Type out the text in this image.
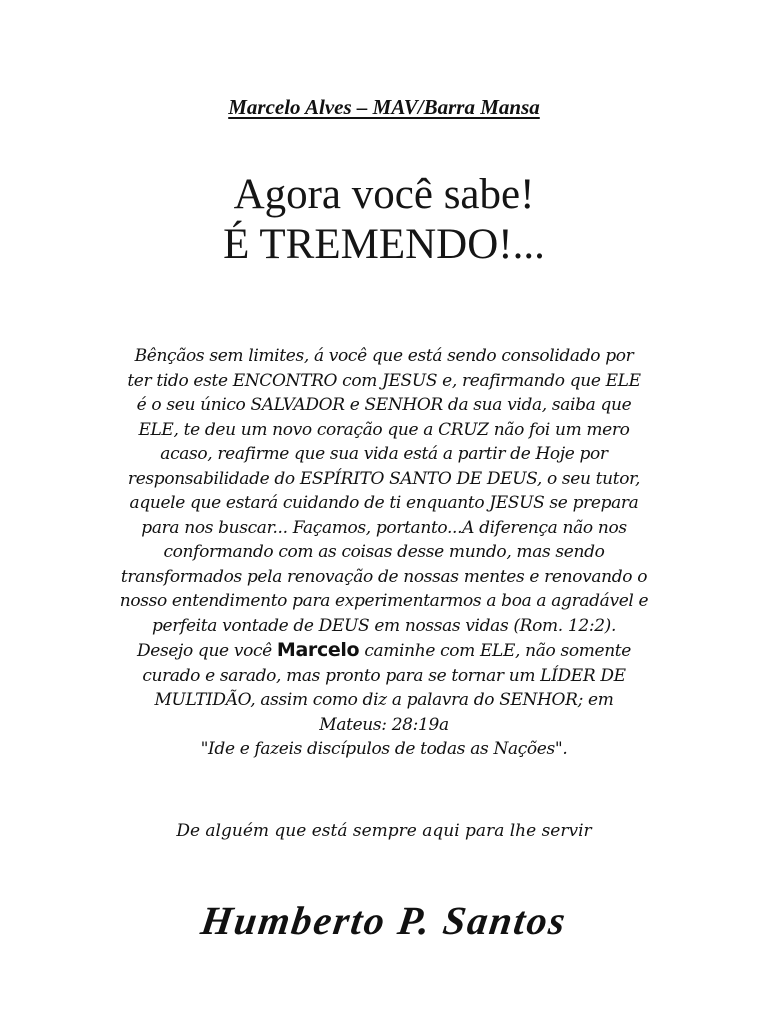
Marcelo Alves – MAV/Barra Mansa
Agora você sabe!
É TREMENDO!...
Bênçãos sem limites, á você que está sendo consolidado por
ter tido este ENCONTRO com JESUS e, reafirmando que ELE
é o seu único SALVADOR e SENHOR da sua vida, saiba que
ELE, te deu um novo coração que a CRUZ não foi um mero
acaso, reafirme que sua vida está a partir de Hoje por
responsabilidade do ESPÍRITO SANTO DE DEUS, o seu tutor,
aquele que estará cuidando de ti enquanto JESUS se prepara
para nos buscar... Façamos, portanto...A diferença não nos
conformando com as coisas desse mundo, mas sendo
transformados pela renovação de nossas mentes e renovando o
nosso entendimento para experimentarmos a boa a agradável e
perfeita vontade de DEUS em nossas vidas (Rom. 12:2).
Desejo que você Marcelo caminhe com ELE, não somente
curado e sarado, mas pronto para se tornar um LÍDER DE
MULTIDÃO, assim como diz a palavra do SENHOR; em
Mateus: 28:19a
"Ide e fazeis discípulos de todas as Nações".
De alguém que está sempre aqui para lhe servir
Humberto P. Santos
